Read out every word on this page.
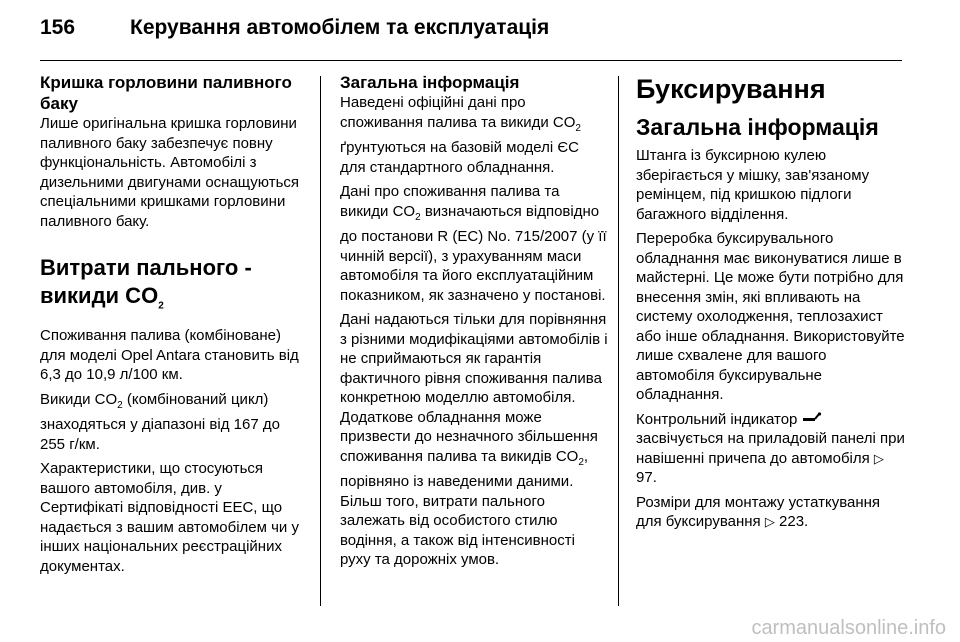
156	Керування автомобілем та експлуатація
Кришка горловини паливного баку

Лише оригінальна кришка горловини паливного баку забезпечує повну функціональність. Автомобілі з дизельними двигунами оснащуються спеціальними кришками горловини паливного баку.

Витрати пального - викиди $CO_2$

Споживання палива (комбіноване) для моделі Opel Antara становить від 6,3 до 10,9 л/100 км.

Викиди $CO_2$ (комбінований цикл) знаходяться у діапазоні від 167 до 255 г/км.

Характеристики, що стосуються вашого автомобіля, див. у Сертифікаті відповідності ЕЕС, що надається з вашим автомобілем чи у інших національних реєстраційних документах.

Загальна інформація

Наведені офіційні дані про споживання палива та викиди $CO_2$ ґрунтуються на базовій моделі ЄС для стандартного обладнання.

Дані про споживання палива та викиди $CO_2$ визначаються відповідно до постанови R (EC) No. 715/2007 (у її чинній версії), з урахуванням маси автомобіля та його експлуатаційним показником, як зазначено у постанові.

Дані надаються тільки для порівняння з різними модифікаціями автомобілів і не сприймаються як гарантія фактичного рівня споживання палива конкретною моделлю автомобіля. Додаткове обладнання може призвести до незначного збільшення споживання палива та викидів $CO_2$, порівняно із наведеними даними. Більш того, витрати пального залежать від особистого стилю водіння, а також від інтенсивності руху та дорожніх умов.

Буксирування
Загальна інформація

Штанга із буксирною кулею зберігається у мішку, зав'язаному ремінцем, під кришкою підлоги багажного відділення.

Переробка буксирувального обладнання має виконуватися лише в майстерні. Це може бути потрібно для внесення змін, які впливають на систему охолодження, теплозахист або інше обладнання. Використовуйте лише схвалене для вашого автомобіля буксирувальне обладнання.

Контрольний індикатор  засвічується на приладовій панелі при навішенні причепа до автомобіля ▷ 97.

Розміри для монтажу устаткування для буксирування ▷ 223.

carmanualsonline.info
